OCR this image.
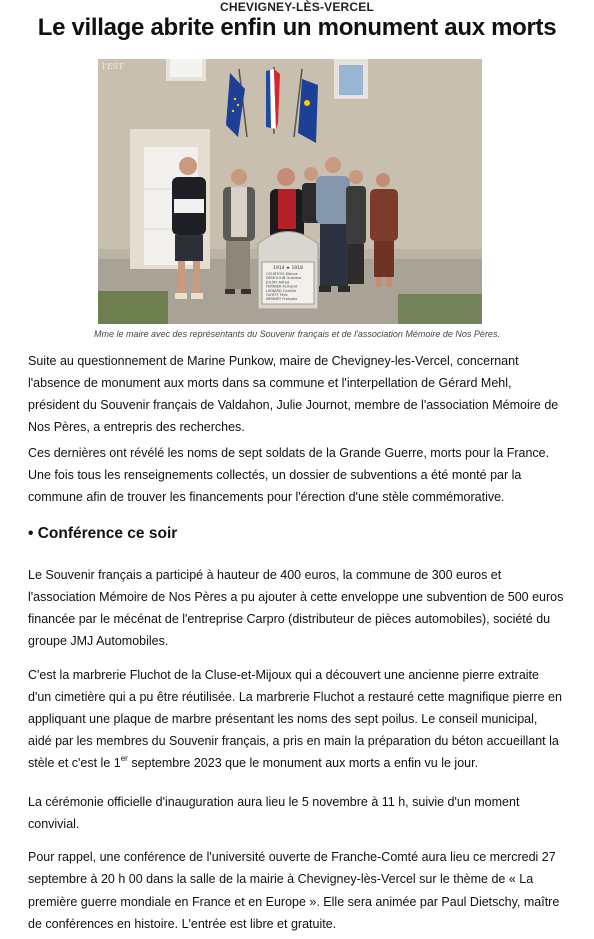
CHEVIGNEY-LÈS-VERCEL
Le village abrite enfin un monument aux morts
1914 ★ 1918
COURTOIS Marius
DEMOULIN Gustave
JOLIAT Alfred
FERNIER Fernand
LIENARD Camille
GUYOT Félix
MENNEY François
l'EST
Mme le maire avec des représentants du Souvenir français et de l'association Mémoire de Nos Pères.

Suite au questionnement de Marine Punkow, maire de Chevigney-les-Vercel, concernant l'absence de monument aux morts dans sa commune et l'interpellation de Gérard Mehl, président du Souvenir français de Valdahon, Julie Journot, membre de l'association Mémoire de Nos Pères, a entrepris des recherches.

Ces dernières ont révélé les noms de sept soldats de la Grande Guerre, morts pour la France. Une fois tous les renseignements collectés, un dossier de subventions a été monté par la commune afin de trouver les financements pour l'érection d'une stèle commémorative.

• Conférence ce soir

Le Souvenir français a participé à hauteur de 400 euros, la commune de 300 euros et l'association Mémoire de Nos Pères a pu ajouter à cette enveloppe une subvention de 500 euros financée par le mécénat de l'entreprise Carpro (distributeur de pièces automobiles), société du groupe JMJ Automobiles.

C'est la marbrerie Fluchot de la Cluse-et-Mijoux qui a découvert une ancienne pierre extraite d'un cimetière qui a pu être réutilisée. La marbrerie Fluchot a restauré cette magnifique pierre en appliquant une plaque de marbre présentant les noms des sept poilus. Le conseil municipal, aidé par les membres du Souvenir français, a pris en main la préparation du béton accueillant la stèle et c'est le 1er septembre 2023 que le monument aux morts a enfin vu le jour.

La cérémonie officielle d'inauguration aura lieu le 5 novembre à 11 h, suivie d'un moment convivial.

Pour rappel, une conférence de l'université ouverte de Franche-Comté aura lieu ce mercredi 27 septembre à 20 h 00 dans la salle de la mairie à Chevigney-lès-Vercel sur le thème de « La première guerre mondiale en France et en Europe ». Elle sera animée par Paul Dietschy, maître de conférences en histoire. L'entrée est libre et gratuite.
